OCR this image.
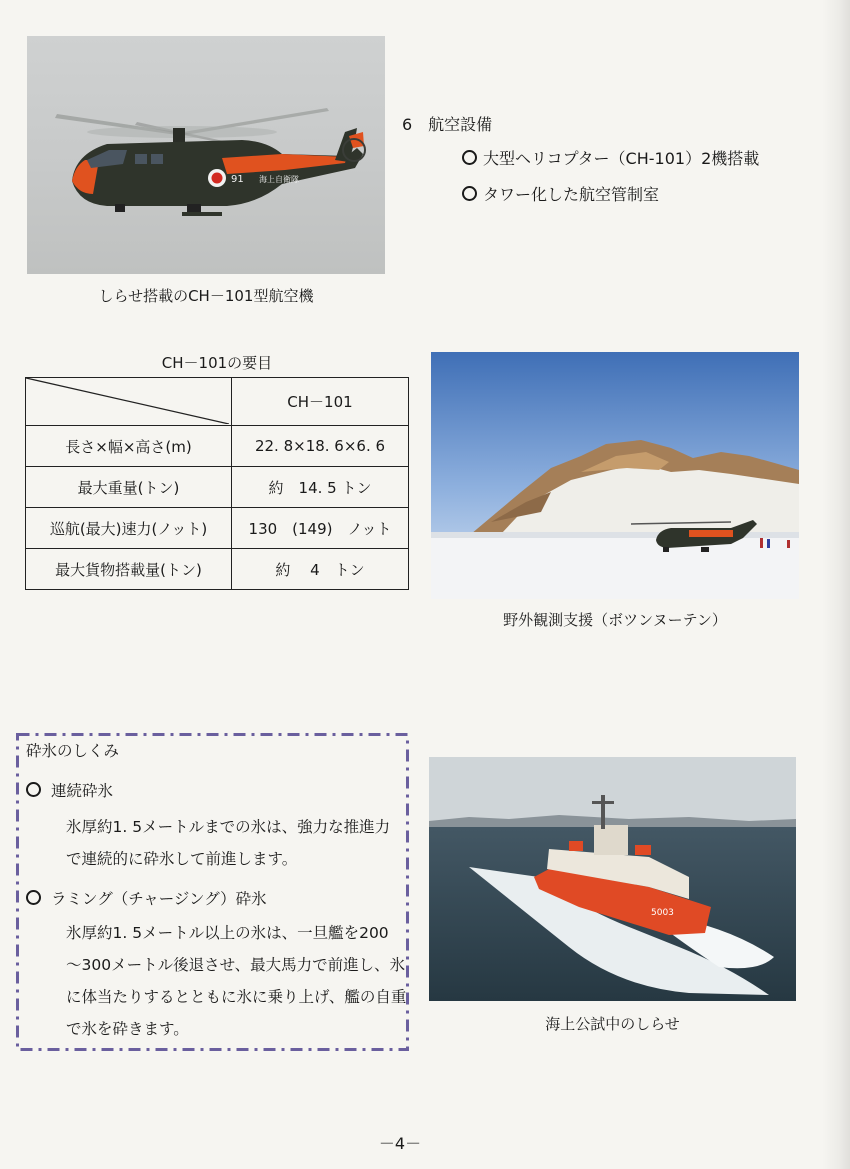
91 海上自衛隊
しらせ搭載のCH－101型航空機
6　航空設備
大型ヘリコプター（CH-101）2機搭載
タワー化した航空管制室
CH－101の要目
	CH－101
長さ×幅×高さ(m)	22. 8×18. 6×6. 6
最大重量(トン)	約　14. 5 トン
巡航(最大)速力(ノット)	130　(149)　ノット
最大貨物搭載量(トン)	約　 4　トン
野外観測支援（ボツンヌーテン）
砕氷のしくみ
連続砕氷
氷厚約1. 5メートルまでの氷は、強力な推進力
で連続的に砕氷して前進します。
ラミング（チャージング）砕氷
氷厚約1. 5メートル以上の氷は、一旦艦を200
～300メートル後退させ、最大馬力で前進し、氷
に体当たりするとともに氷に乗り上げ、艦の自重
で氷を砕きます。
5003
海上公試中のしらせ
－4－
